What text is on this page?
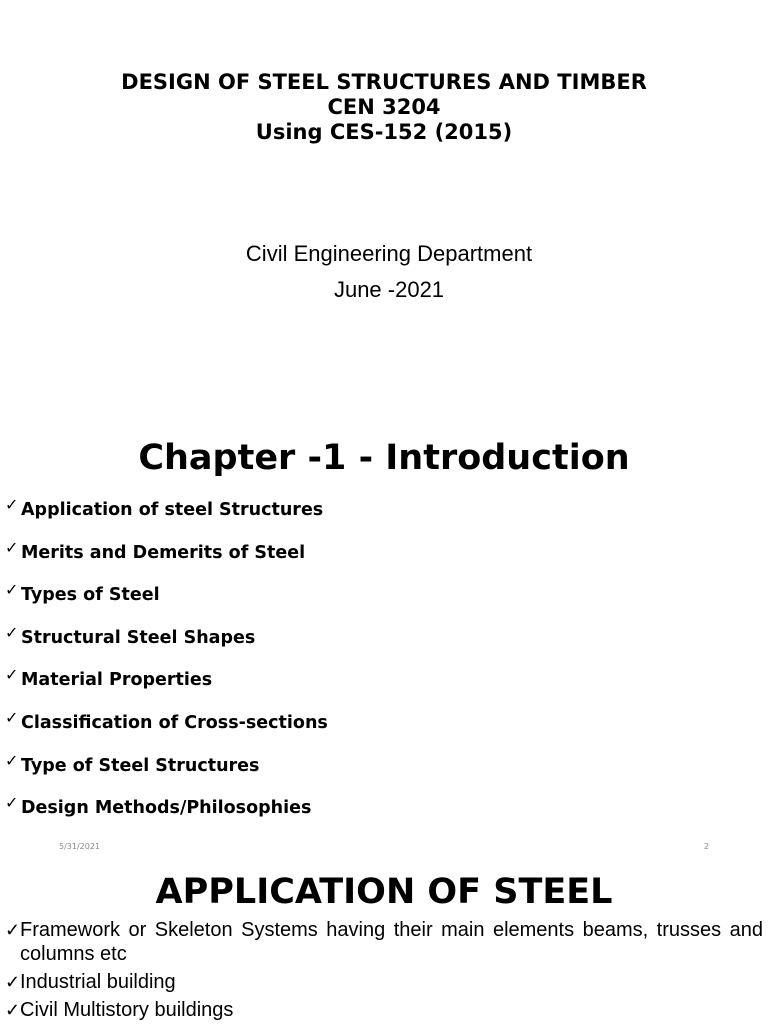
DESIGN OF STEEL STRUCTURES AND TIMBER
CEN 3204
Using CES-152 (2015)
Civil Engineering Department
June -2021
Chapter -1 - Introduction
✓ Application of steel Structures
✓ Merits and Demerits of Steel
✓ Types of Steel
✓ Structural Steel Shapes
✓ Material Properties
✓ Classification of Cross-sections
✓ Type of Steel Structures
✓ Design Methods/Philosophies
5/31/2021	2
APPLICATION OF STEEL
✓ Framework or Skeleton Systems having their main elements beams, trusses and columns etc
✓ Industrial building
✓ Civil Multistory buildings
